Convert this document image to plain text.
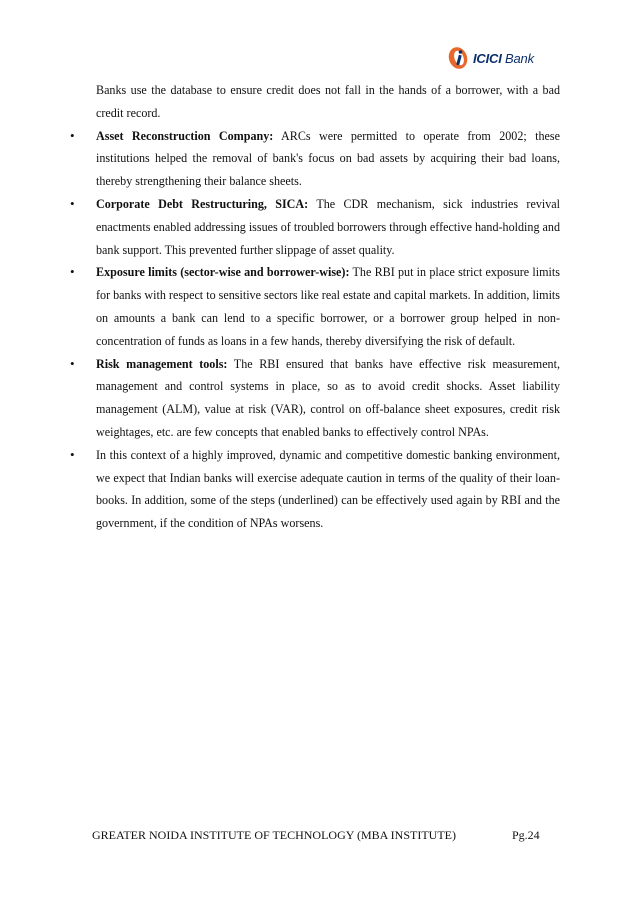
ICICI Bank

Banks use the database to ensure credit does not fall in the hands of a borrower, with a bad credit record.

• Asset Reconstruction Company: ARCs were permitted to operate from 2002; these institutions helped the removal of bank's focus on bad assets by acquiring their bad loans, thereby strengthening their balance sheets.

• Corporate Debt Restructuring, SICA: The CDR mechanism, sick industries revival enactments enabled addressing issues of troubled borrowers through effective hand-holding and bank support. This prevented further slippage of asset quality.

• Exposure limits (sector-wise and borrower-wise): The RBI put in place strict exposure limits for banks with respect to sensitive sectors like real estate and capital markets. In addition, limits on amounts a bank can lend to a specific borrower, or a borrower group helped in non-concentration of funds as loans in a few hands, thereby diversifying the risk of default.

• Risk management tools: The RBI ensured that banks have effective risk measurement, management and control systems in place, so as to avoid credit shocks. Asset liability management (ALM), value at risk (VAR), control on off-balance sheet exposures, credit risk weightages, etc. are few concepts that enabled banks to effectively control NPAs.

• In this context of a highly improved, dynamic and competitive domestic banking environment, we expect that Indian banks will exercise adequate caution in terms of the quality of their loan-books. In addition, some of the steps (underlined) can be effectively used again by RBI and the government, if the condition of NPAs worsens.

GREATER NOIDA INSTITUTE OF TECHNOLOGY (MBA INSTITUTE)	Pg.24
